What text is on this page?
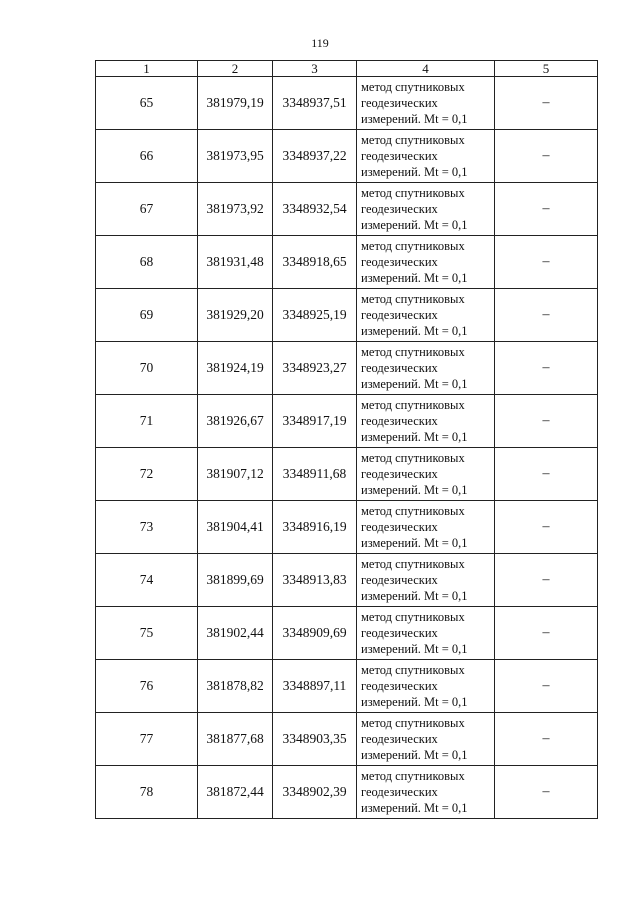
119
1	2	3	4	5
65	381979,19	3348937,51	метод спутниковых
геодезических
измерений. Mt = 0,1	–
66	381973,95	3348937,22	метод спутниковых
геодезических
измерений. Mt = 0,1	–
67	381973,92	3348932,54	метод спутниковых
геодезических
измерений. Mt = 0,1	–
68	381931,48	3348918,65	метод спутниковых
геодезических
измерений. Mt = 0,1	–
69	381929,20	3348925,19	метод спутниковых
геодезических
измерений. Mt = 0,1	–
70	381924,19	3348923,27	метод спутниковых
геодезических
измерений. Mt = 0,1	–
71	381926,67	3348917,19	метод спутниковых
геодезических
измерений. Mt = 0,1	–
72	381907,12	3348911,68	метод спутниковых
геодезических
измерений. Mt = 0,1	–
73	381904,41	3348916,19	метод спутниковых
геодезических
измерений. Mt = 0,1	–
74	381899,69	3348913,83	метод спутниковых
геодезических
измерений. Mt = 0,1	–
75	381902,44	3348909,69	метод спутниковых
геодезических
измерений. Mt = 0,1	–
76	381878,82	3348897,11	метод спутниковых
геодезических
измерений. Mt = 0,1	–
77	381877,68	3348903,35	метод спутниковых
геодезических
измерений. Mt = 0,1	–
78	381872,44	3348902,39	метод спутниковых
геодезических
измерений. Mt = 0,1	–
